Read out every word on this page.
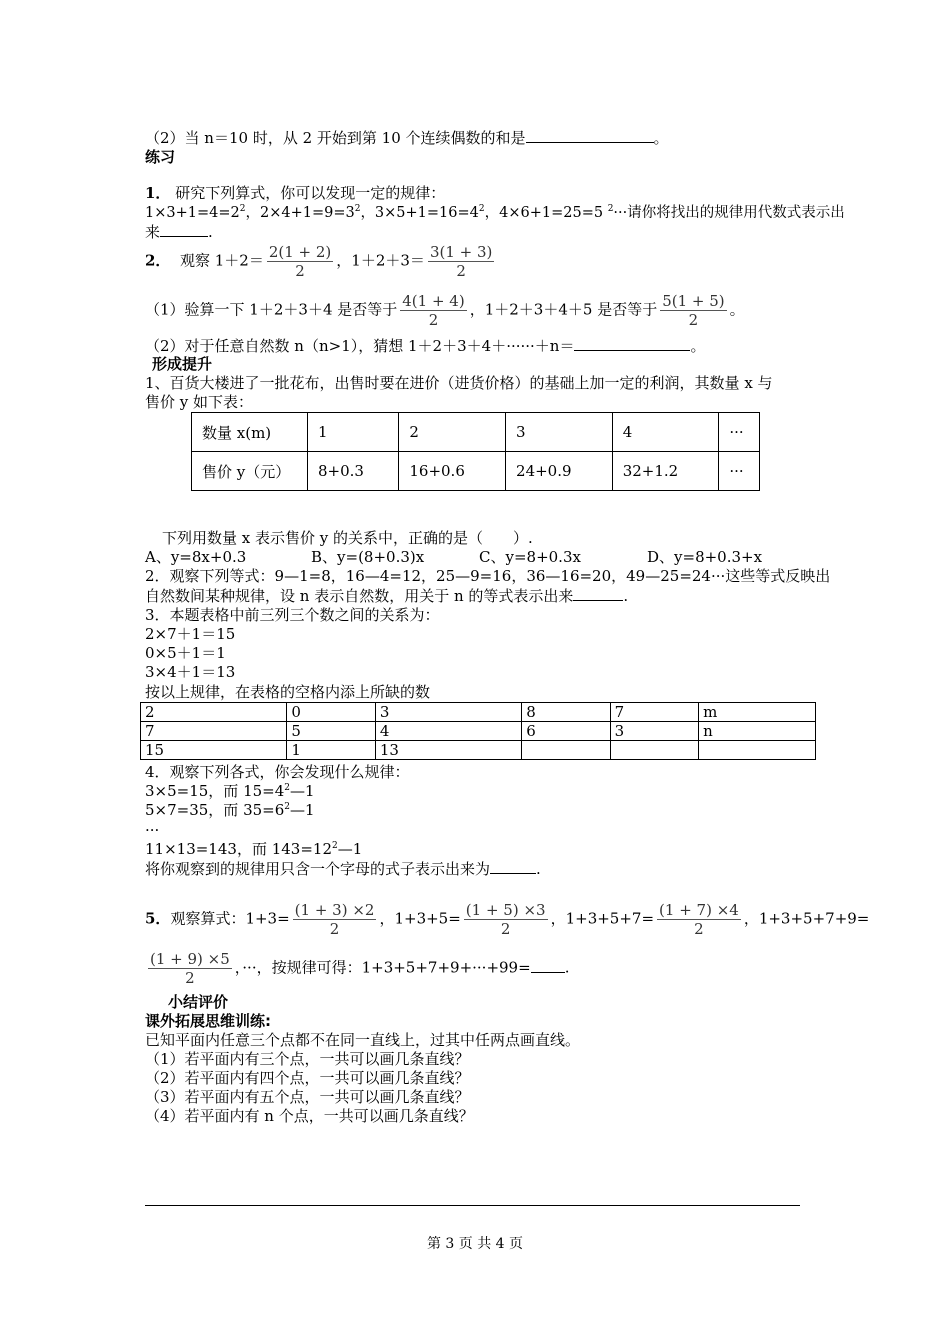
（2）当 n＝10 时，从 2 开始到第 10 个连续偶数的和是	。
练习
1． 研究下列算式，你可以发现一定的规律：
$1\times 3+1=4=2^2$，$2\times 4+1=9=3^2$，$3\times 5+1=16=4^2$，4×6+1=25=5 $^2$···请你将找出的规律用代数式表示出
来	.
2． 观察 $1+2= \frac{2(1 + 2)}{2}$ ，$1+2+3= \frac{3(1 + 3)}{2}$
（1）验算一下 1＋2＋3＋4 是否等于 $\frac{4(1 + 4)}{2}$ ，1＋2＋3＋4＋5 是否等于 $\frac{5(1 + 5)}{2}$ 。
（2）对于任意自然数 n（n>1），猜想 1＋2＋3＋4＋······＋n＝	。
形成提升
1、百货大楼进了一批花布，出售时要在进价（进货价格）的基础上加一定的利润，其数量 x 与
售价 y 如下表：
数量 x(m)	1	2	3	4	···
售价 y（元）	8+0.3	16+0.6	24+0.9	32+1.2	···
下列用数量 x 表示售价 y 的关系中，正确的是（　　）.
A、y=8x+0.3	B、y=(8+0.3)x	C、y=8+0.3x	D、y=8+0.3+x
2．观察下列等式：9—1=8，16—4=12，25—9=16，36—16=20，49—25=24···这些等式反映出
自然数间某种规律，设 n 表示自然数，用关于 n 的等式表示出来	.
3．本题表格中前三列三个数之间的关系为：
2×7＋1＝15
0×5＋1＝1
3×4＋1＝13
按以上规律，在表格的空格内添上所缺的数
2	0	3	8	7	m
7	5	4	6	3	n
15	1	13			
4．观察下列各式，你会发现什么规律：
3×5=15，而 $15=4^2—1$
5×7=35，而 $35=6^2—1$
···
11×13=143，而 $143=12^2—1$
将你观察到的规律用只含一个字母的式子表示出来为	.
5．观察算式：$1+3= \frac{(1 + 3) \times 2}{2}$ ，$1+3+5= \frac{(1 + 5) \times 3}{2}$ ，$1+3+5+7= \frac{(1 + 7) \times 4}{2}$ ，1+3+5+7+9=
$\frac{(1 + 9) \times 5}{2}$ ，···，按规律可得：1+3+5+7+9+···+99= .
小结评价
课外拓展思维训练:
已知平面内任意三个点都不在同一直线上，过其中任两点画直线。
（1）若平面内有三个点，一共可以画几条直线？
（2）若平面内有四个点，一共可以画几条直线？
（3）若平面内有五个点，一共可以画几条直线？
（4）若平面内有 n 个点，一共可以画几条直线？
第 3 页 共 4 页
